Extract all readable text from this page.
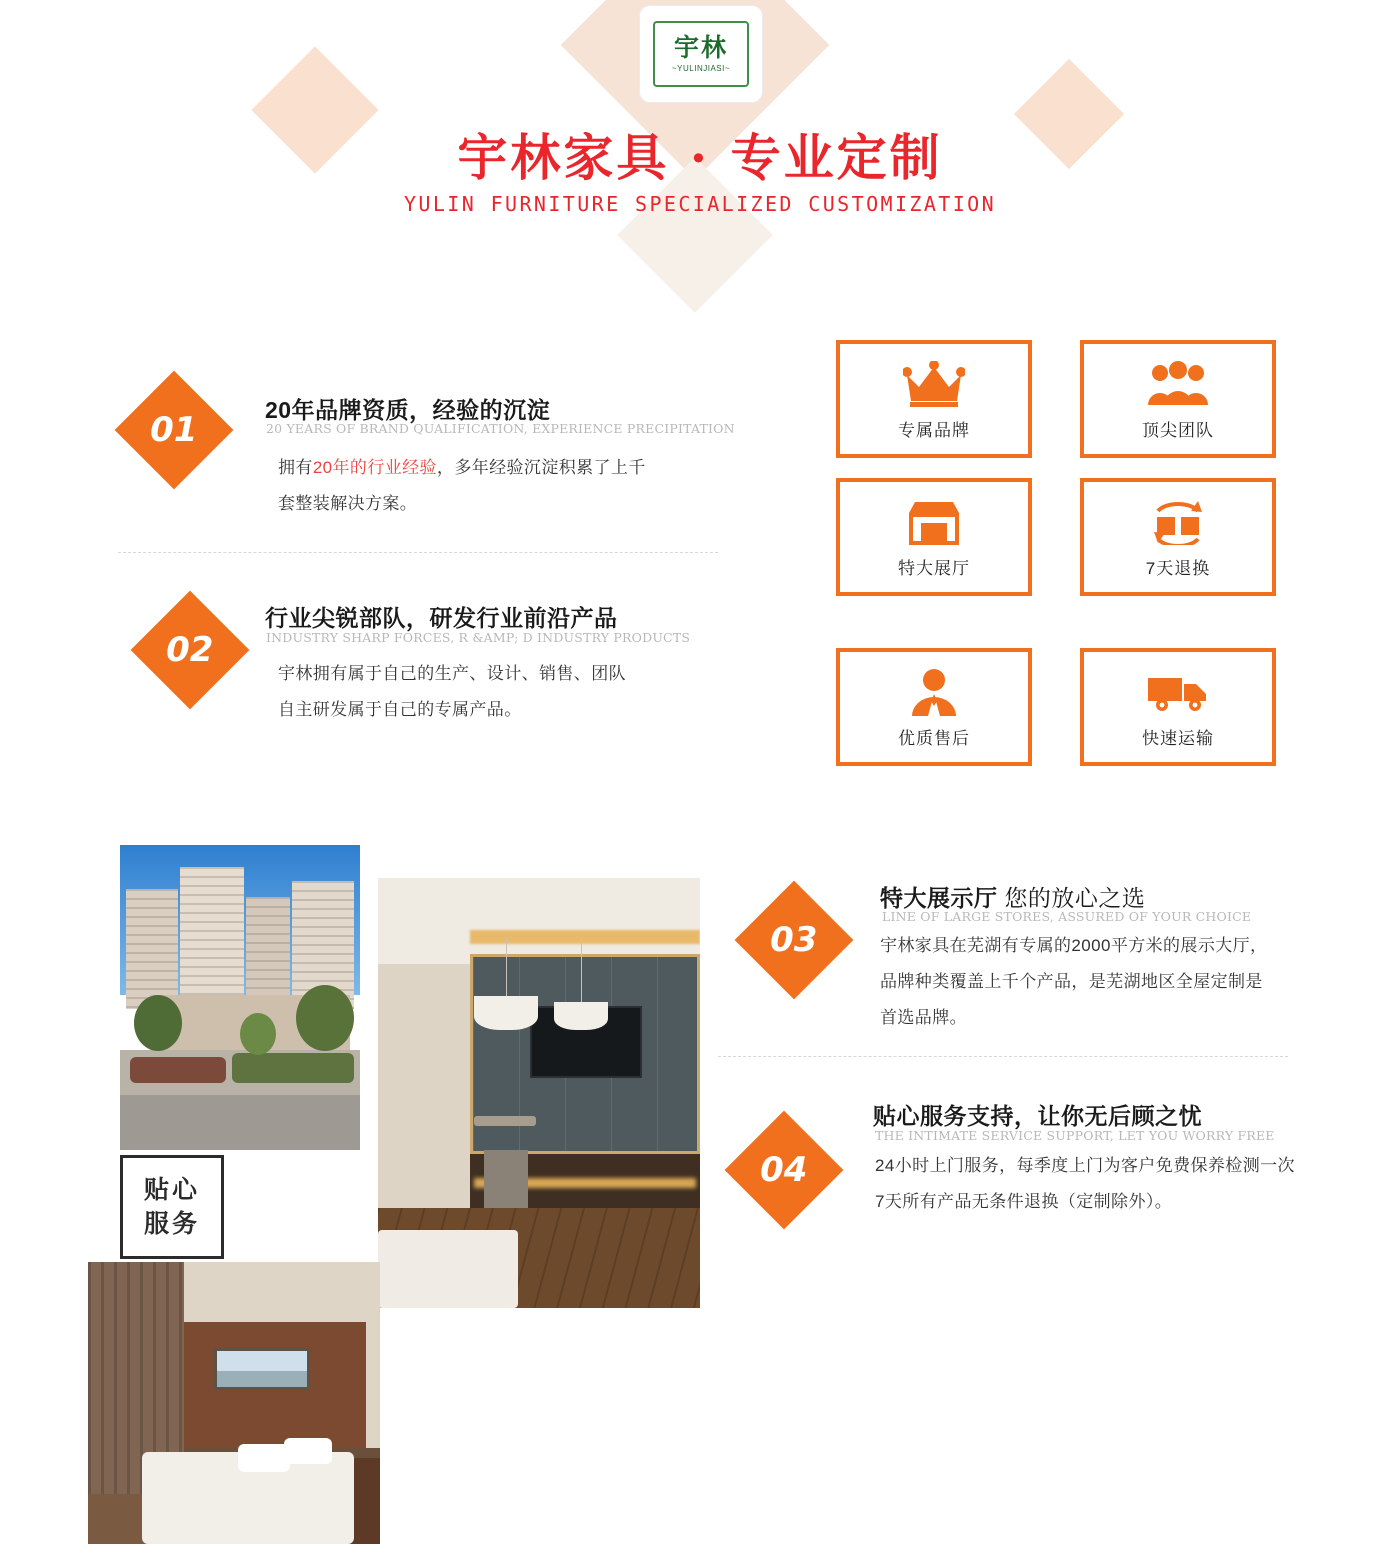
宇林
~YULINJIASI~
宇林家具 · 专业定制
YULIN FURNITURE SPECIALIZED CUSTOMIZATION
01	20年品牌资质，经验的沉淀
20 YEARS OF BRAND QUALIFICATION, EXPERIENCE PRECIPITATION
拥有20年的行业经验，多年经验沉淀积累了上千
套整装解决方案。
02
行业尖锐部队，研发行业前沿产品
INDUSTRY SHARP FORCES, R &AMP; D INDUSTRY PRODUCTS
宇林拥有属于自己的生产、设计、销售、团队
自主研发属于自己的专属产品。
专属品牌	顶尖团队
特大展厅	7天退换
优质售后	快速运输
贴心
服务
03
特大展示厅 您的放心之选
LINE OF LARGE STORES, ASSURED OF YOUR CHOICE
宇林家具在芜湖有专属的2000平方米的展示大厅，
品牌种类覆盖上千个产品，是芜湖地区全屋定制是
首选品牌。
04
贴心服务支持，让你无后顾之忧
THE INTIMATE SERVICE SUPPORT, LET YOU WORRY FREE
24小时上门服务，每季度上门为客户免费保养检测一次
7天所有产品无条件退换（定制除外）。
